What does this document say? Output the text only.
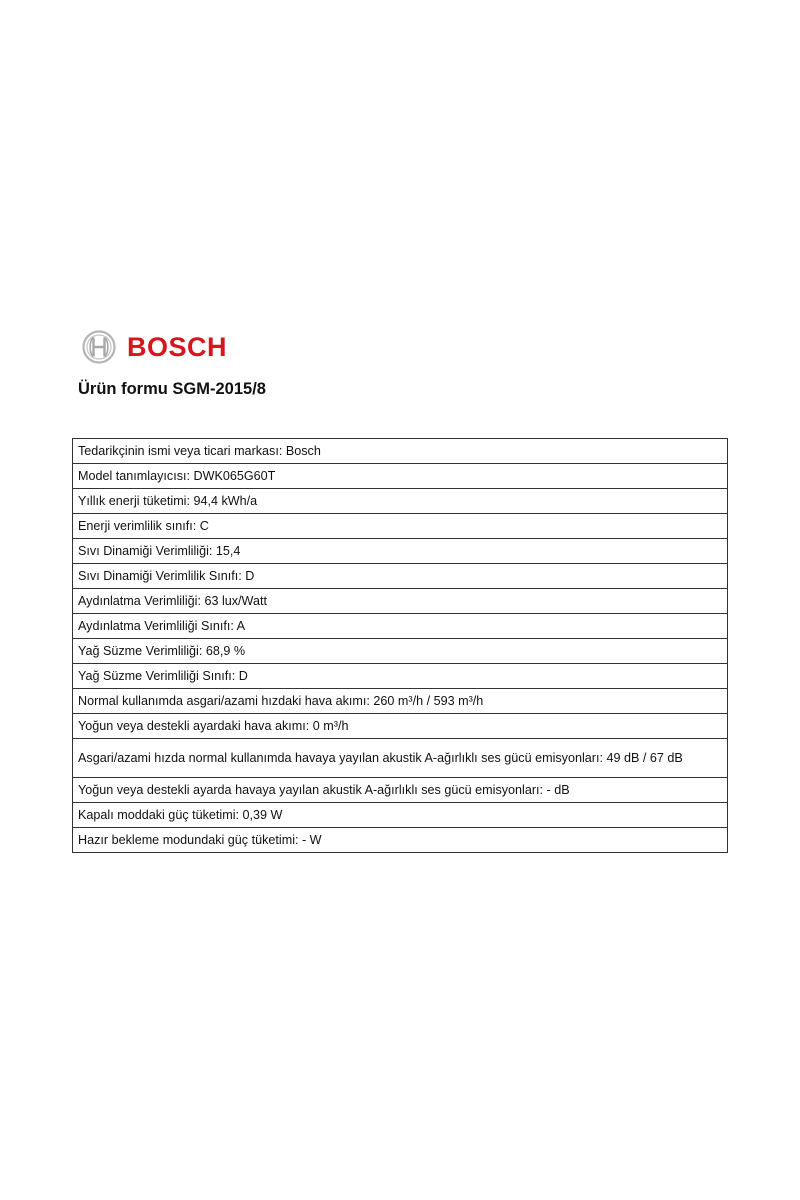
BOSCH
Ürün formu SGM-2015/8
Tedarikçinin ismi veya ticari markası: Bosch
Model tanımlayıcısı: DWK065G60T
Yıllık enerji tüketimi: 94,4 kWh/a
Enerji verimlilik sınıfı: C
Sıvı Dinamiği Verimliliği: 15,4
Sıvı Dinamiği Verimlilik Sınıfı: D
Aydınlatma Verimliliği: 63 lux/Watt
Aydınlatma Verimliliği Sınıfı: A
Yağ Süzme Verimliliği: 68,9 %
Yağ Süzme Verimliliği Sınıfı: D
Normal kullanımda asgari/azami hızdaki hava akımı: 260 m³/h / 593 m³/h
Yoğun veya destekli ayardaki hava akımı: 0 m³/h
Asgari/azami hızda normal kullanımda havaya yayılan akustik A-ağırlıklı ses gücü emisyonları: 49 dB / 67 dB
Yoğun veya destekli ayarda havaya yayılan akustik A-ağırlıklı ses gücü emisyonları: - dB
Kapalı moddaki güç tüketimi: 0,39 W
Hazır bekleme modundaki güç tüketimi: - W
